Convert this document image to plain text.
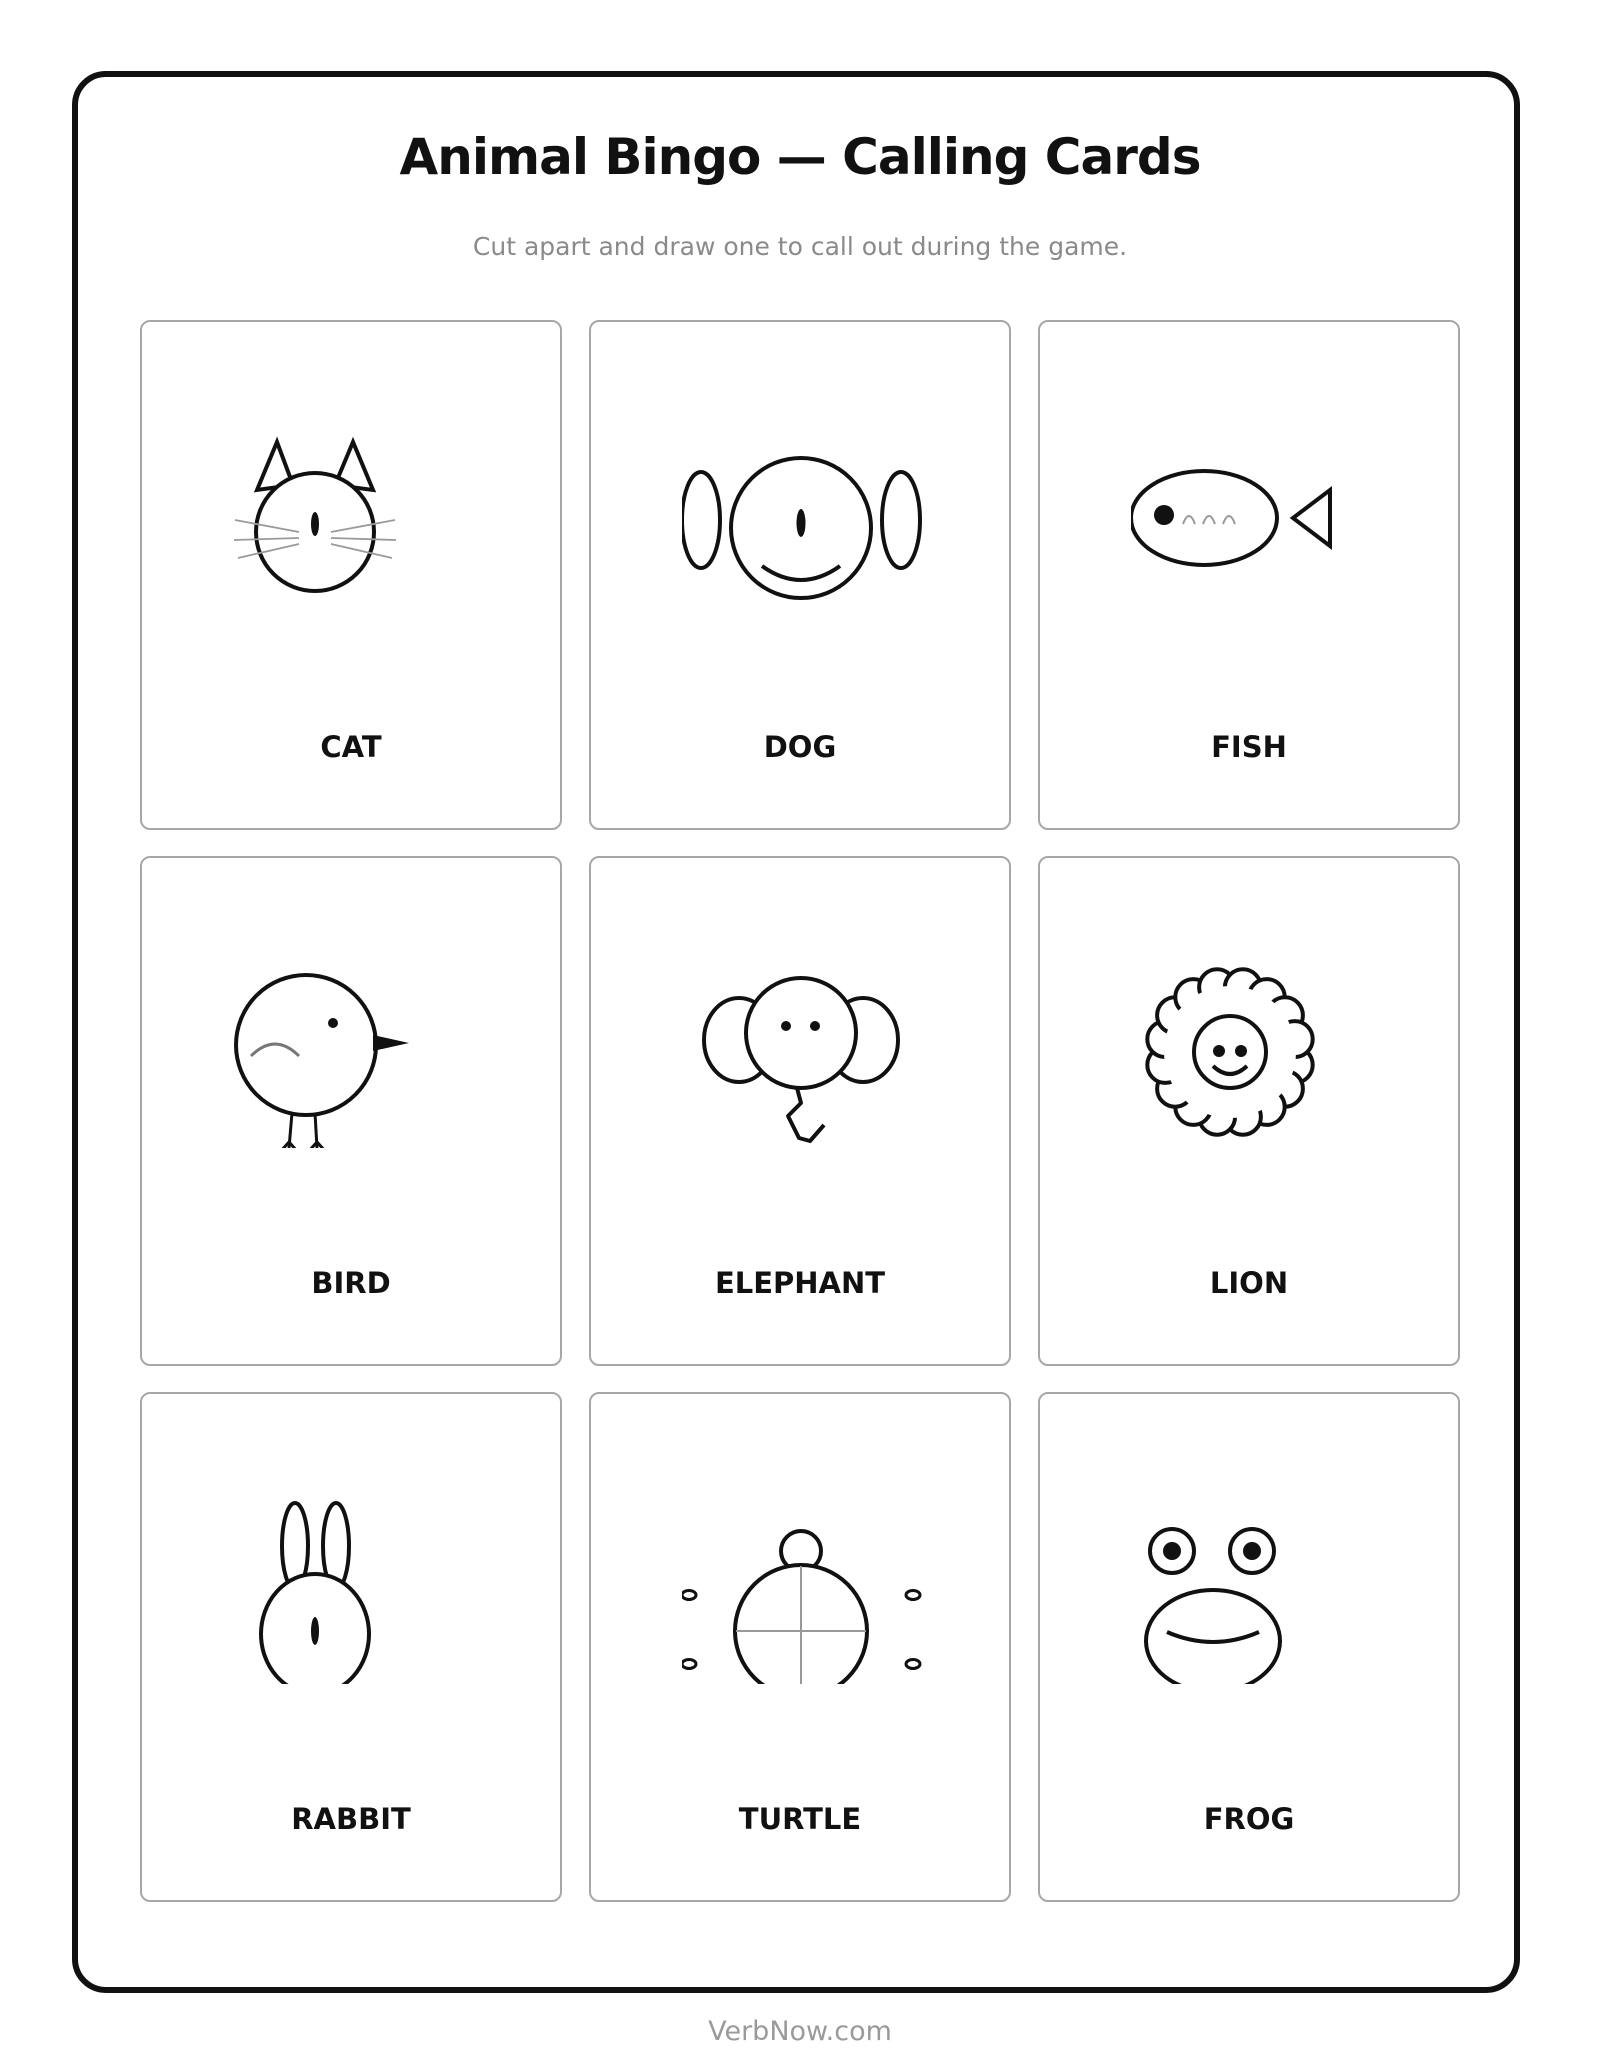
Animal Bingo — Calling Cards
Cut apart and draw one to call out during the game.
CAT	DOG	FISH
BIRD	ELEPHANT	LION
RABBIT	TURTLE	FROG
VerbNow.com
